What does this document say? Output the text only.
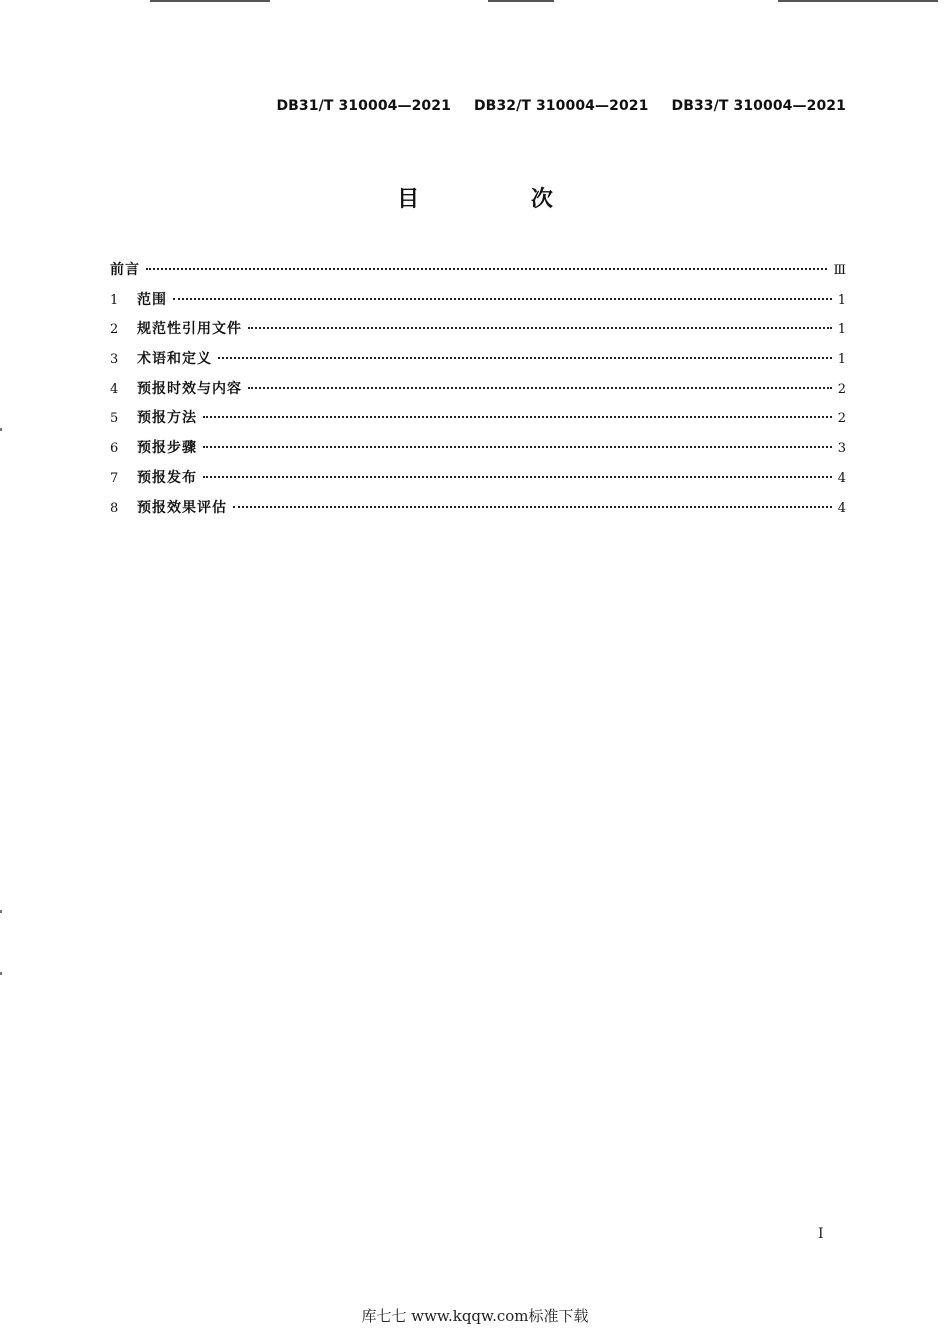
DB31/T 310004—2021 DB32/T 310004—2021 DB33/T 310004—2021
目 次
前言	Ⅲ
1	范围	1
2	规范性引用文件	1
3	术语和定义	1
4	预报时效与内容	2
5	预报方法	2
6	预报步骤	3
7	预报发布	4
8	预报效果评估	4
I
库七七 www.kqqw.com标准下载
